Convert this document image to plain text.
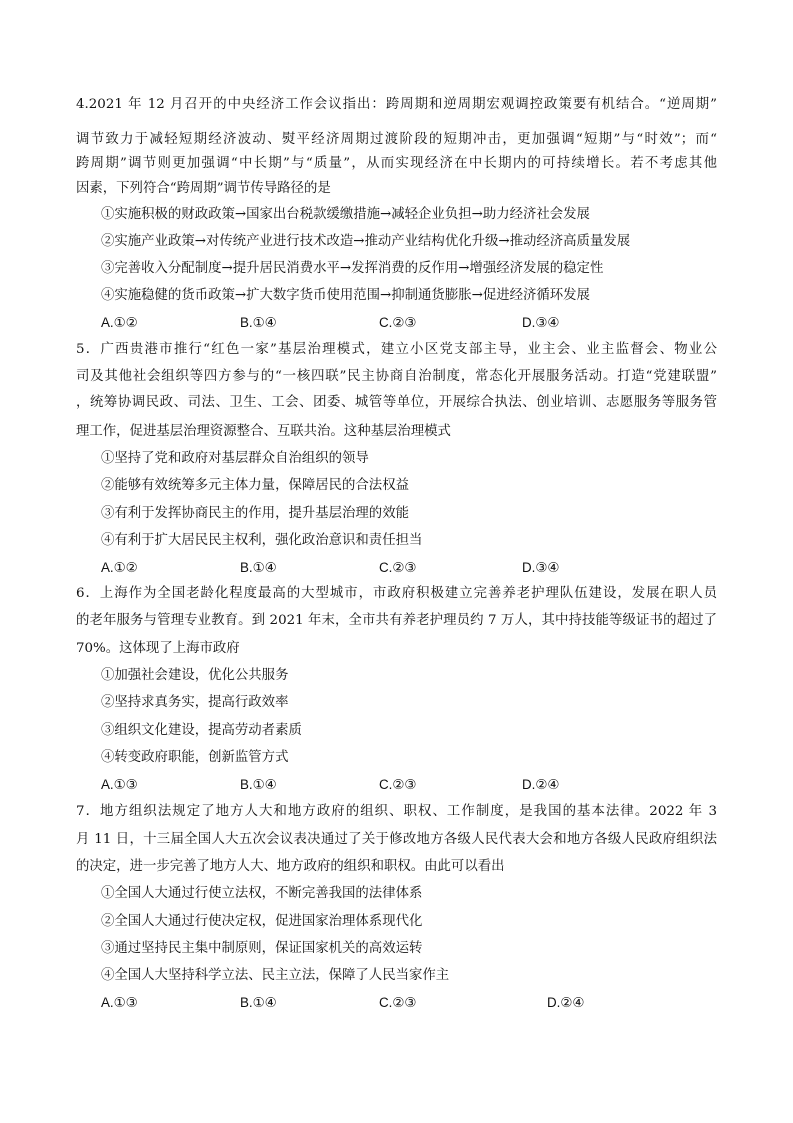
4.2021 年 12 月召开的中央经济工作会议指出：跨周期和逆周期宏观调控政策要有机结合。“逆周期”
调节致力于减轻短期经济波动、熨平经济周期过渡阶段的短期冲击，更加强调“短期”与“时效”；而“
跨周期”调节则更加强调“中长期”与“质量”，从而实现经济在中长期内的可持续增长。若不考虑其他
因素，下列符合“跨周期”调节传导路径的是
①实施积极的财政政策→国家出台税款缓缴措施→减轻企业负担→助力经济社会发展
②实施产业政策→对传统产业进行技术改造→推动产业结构优化升级→推动经济高质量发展
③完善收入分配制度→提升居民消费水平→发挥消费的反作用→增强经济发展的稳定性
④实施稳健的货币政策→扩大数字货币使用范围→抑制通货膨胀→促进经济循环发展
A.①②	B.①④	C.②③	D.③④
5．广西贵港市推行“红色一家”基层治理模式，建立小区党支部主导，业主会、业主监督会、物业公
司及其他社会组织等四方参与的“一核四联”民主协商自治制度，常态化开展服务活动。打造“党建联盟”
，统筹协调民政、司法、卫生、工会、团委、城管等单位，开展综合执法、创业培训、志愿服务等服务管
理工作，促进基层治理资源整合、互联共治。这种基层治理模式
①坚持了党和政府对基层群众自治组织的领导
②能够有效统筹多元主体力量，保障居民的合法权益
③有利于发挥协商民主的作用，提升基层治理的效能
④有利于扩大居民民主权利，强化政治意识和责任担当
A.①②	B.①④	C.②③	D.③④
6．上海作为全国老龄化程度最高的大型城市，市政府积极建立完善养老护理队伍建设，发展在职人员
的老年服务与管理专业教育。到 2021 年末，全市共有养老护理员约 7 万人，其中持技能等级证书的超过了
70%。这体现了上海市政府
①加强社会建设，优化公共服务
②坚持求真务实，提高行政效率
③组织文化建设，提高劳动者素质
④转变政府职能，创新监管方式
A.①③	B.①④	C.②③	D.②④
7．地方组织法规定了地方人大和地方政府的组织、职权、工作制度，是我国的基本法律。2022 年 3
月 11 日，十三届全国人大五次会议表决通过了关于修改地方各级人民代表大会和地方各级人民政府组织法
的决定，进一步完善了地方人大、地方政府的组织和职权。由此可以看出
①全国人大通过行使立法权，不断完善我国的法律体系
②全国人大通过行使决定权，促进国家治理体系现代化
③通过坚持民主集中制原则，保证国家机关的高效运转
④全国人大坚持科学立法、民主立法，保障了人民当家作主
A.①③	B.①④	C.②③	D.②④
